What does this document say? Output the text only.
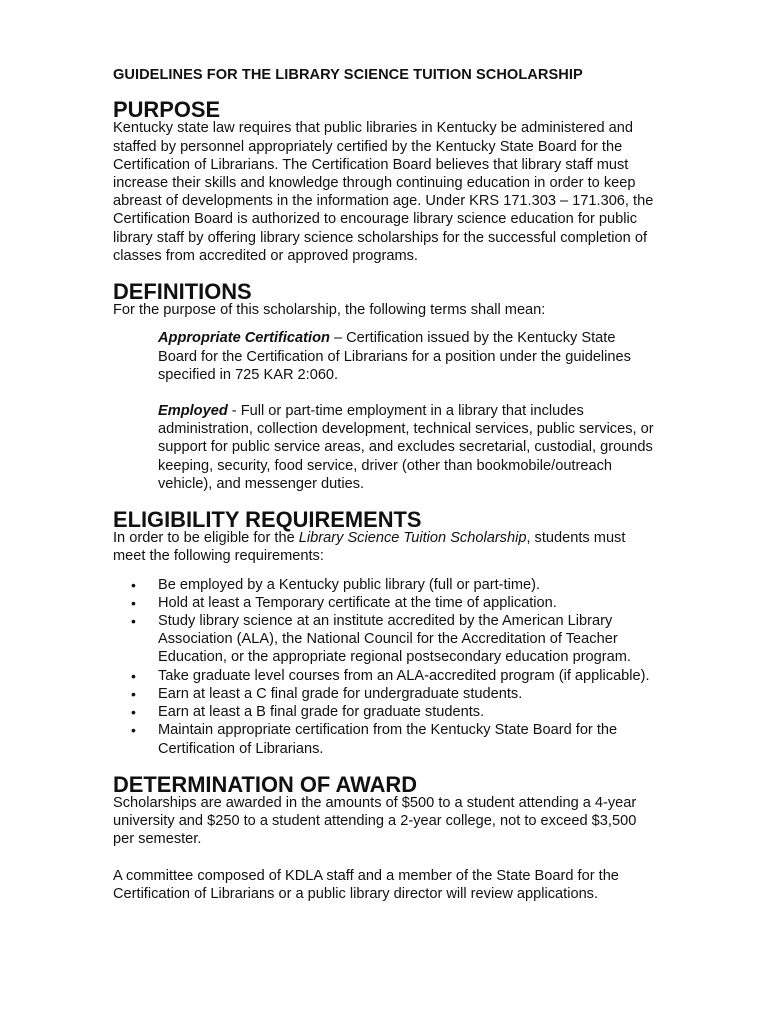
GUIDELINES FOR THE LIBRARY SCIENCE TUITION SCHOLARSHIP
PURPOSE

Kentucky state law requires that public libraries in Kentucky be administered and staffed by personnel appropriately certified by the Kentucky State Board for the Certification of Librarians. The Certification Board believes that library staff must increase their skills and knowledge through continuing education in order to keep abreast of developments in the information age. Under KRS 171.303 – 171.306, the Certification Board is authorized to encourage library science education for public library staff by offering library science scholarships for the successful completion of classes from accredited or approved programs.

DEFINITIONS

For the purpose of this scholarship, the following terms shall mean:

Appropriate Certification – Certification issued by the Kentucky State Board for the Certification of Librarians for a position under the guidelines specified in 725 KAR 2:060.
Employed - Full or part-time employment in a library that includes administration, collection development, technical services, public services, or support for public service areas, and excludes secretarial, custodial, grounds keeping, security, food service, driver (other than bookmobile/outreach vehicle), and messenger duties.
ELIGIBILITY REQUIREMENTS

In order to be eligible for the Library Science Tuition Scholarship, students must meet the following requirements:

• Be employed by a Kentucky public library (full or part-time).
• Hold at least a Temporary certificate at the time of application.
• Study library science at an institute accredited by the American Library Association (ALA), the National Council for the Accreditation of Teacher Education, or the appropriate regional postsecondary education program.
• Take graduate level courses from an ALA-accredited program (if applicable).
• Earn at least a C final grade for undergraduate students.
• Earn at least a B final grade for graduate students.
• Maintain appropriate certification from the Kentucky State Board for the Certification of Librarians.
DETERMINATION OF AWARD

Scholarships are awarded in the amounts of $500 to a student attending a 4-year university and $250 to a student attending a 2-year college, not to exceed $3,500 per semester.

A committee composed of KDLA staff and a member of the State Board for the Certification of Librarians or a public library director will review applications.
